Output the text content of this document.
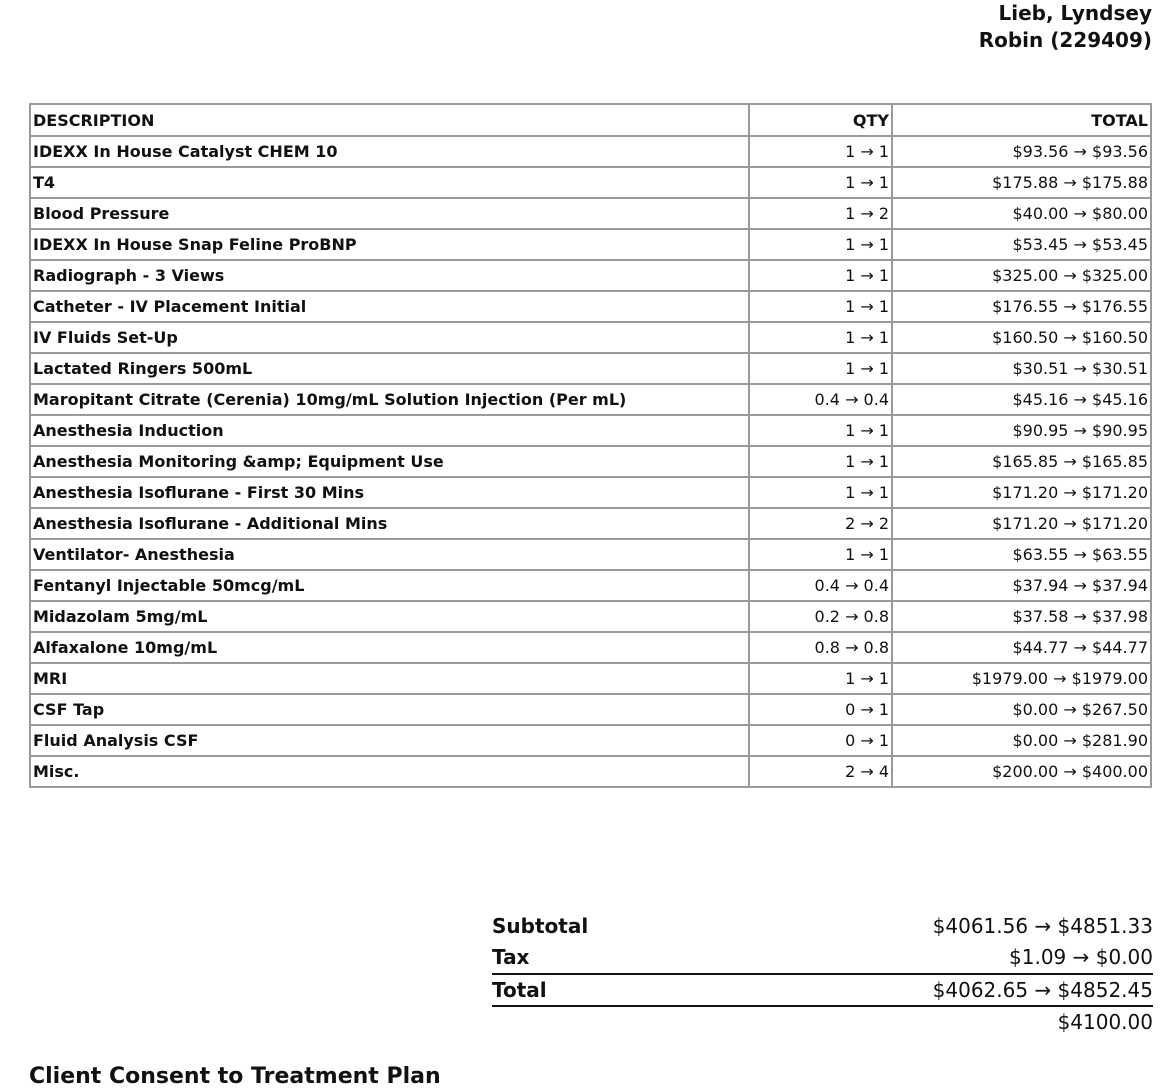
Lieb, Lyndsey
Robin (229409)
DESCRIPTION	QTY	TOTAL
IDEXX In House Catalyst CHEM 10	1 → 1	$93.56 → $93.56
T4	1 → 1	$175.88 → $175.88
Blood Pressure	1 → 2	$40.00 → $80.00
IDEXX In House Snap Feline ProBNP	1 → 1	$53.45 → $53.45
Radiograph - 3 Views	1 → 1	$325.00 → $325.00
Catheter - IV Placement Initial	1 → 1	$176.55 → $176.55
IV Fluids Set-Up	1 → 1	$160.50 → $160.50
Lactated Ringers 500mL	1 → 1	$30.51 → $30.51
Maropitant Citrate (Cerenia) 10mg/mL Solution Injection (Per mL)	0.4 → 0.4	$45.16 → $45.16
Anesthesia Induction	1 → 1	$90.95 → $90.95
Anesthesia Monitoring &amp; Equipment Use	1 → 1	$165.85 → $165.85
Anesthesia Isoflurane - First 30 Mins	1 → 1	$171.20 → $171.20
Anesthesia Isoflurane - Additional Mins	2 → 2	$171.20 → $171.20
Ventilator- Anesthesia	1 → 1	$63.55 → $63.55
Fentanyl Injectable 50mcg/mL	0.4 → 0.4	$37.94 → $37.94
Midazolam 5mg/mL	0.2 → 0.8	$37.58 → $37.98
Alfaxalone 10mg/mL	0.8 → 0.8	$44.77 → $44.77
MRI	1 → 1	$1979.00 → $1979.00
CSF Tap	0 → 1	$0.00 → $267.50
Fluid Analysis CSF	0 → 1	$0.00 → $281.90
Misc.	2 → 4	$200.00 → $400.00
Subtotal	$4061.56 → $4851.33
Tax	$1.09 → $0.00
Total	$4062.65 → $4852.45
$4100.00
Client Consent to Treatment Plan
